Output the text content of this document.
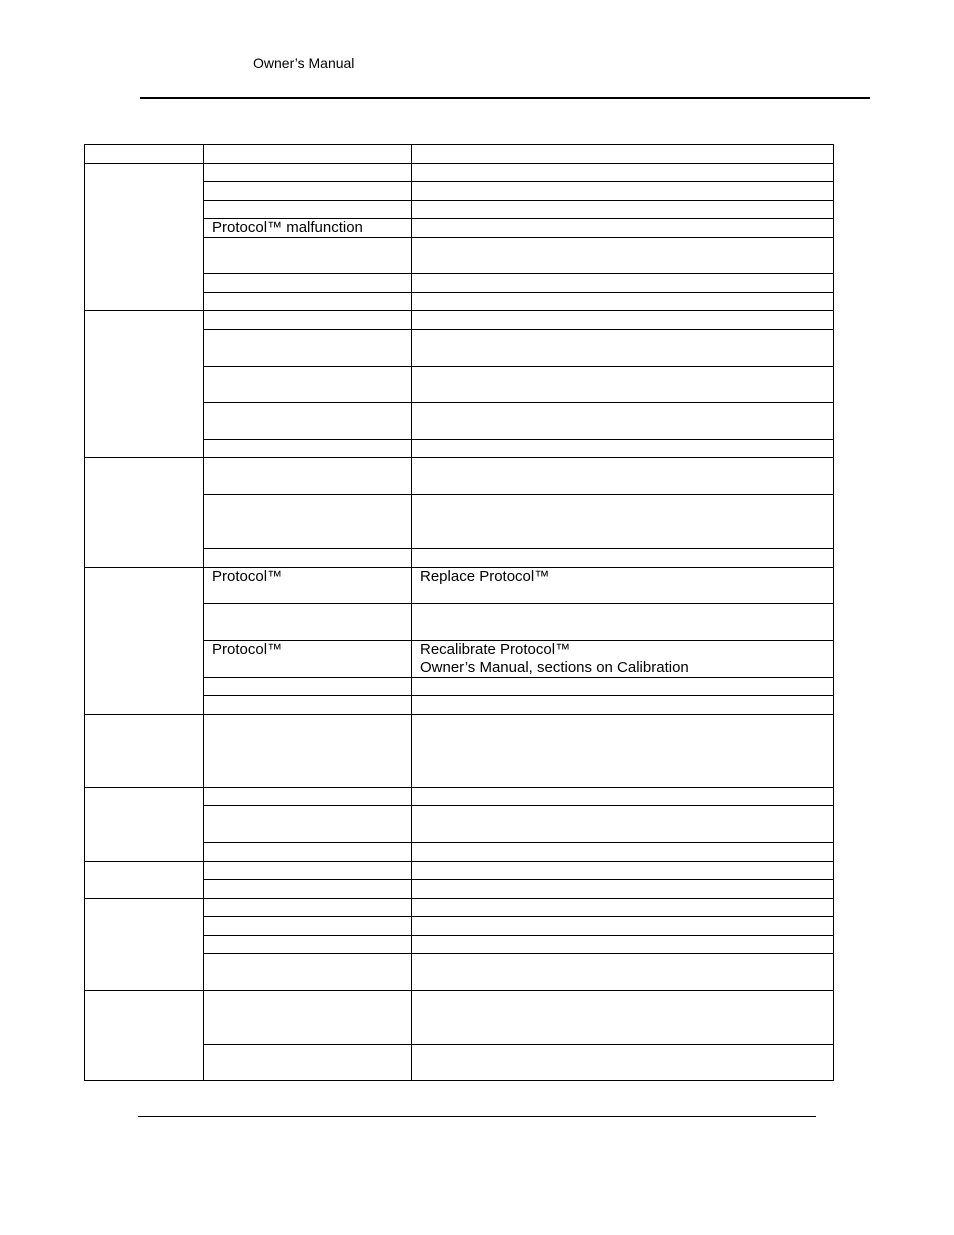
Owner’s Manual

	Protocol™ malfunction	

	Protocol™	Replace Protocol™

	Protocol™	Recalibrate Protocol™
Owner’s Manual, sections on Calibration
